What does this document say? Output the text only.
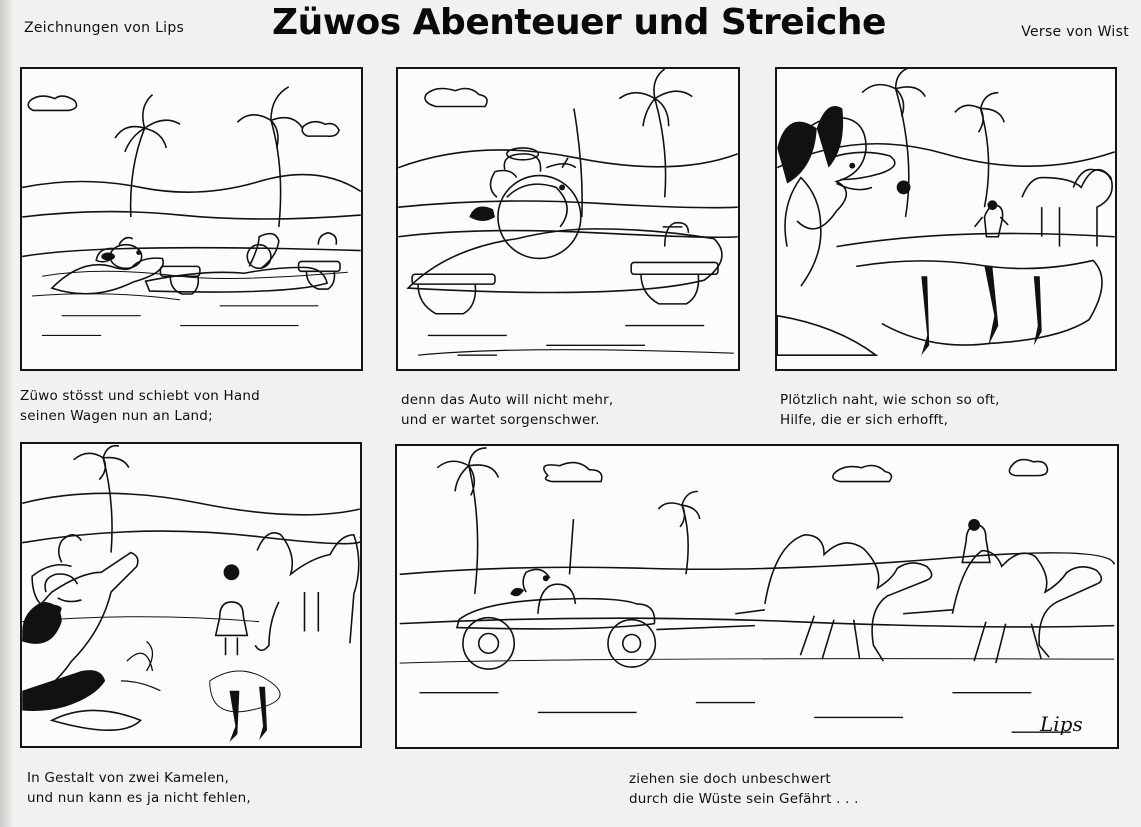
Zeichnungen von Lips Züwos Abenteuer und Streiche	Verse von Wist
Züwo stösst und schiebt von Hand
seinen Wagen nun an Land;
denn das Auto will nicht mehr,
und er wartet sorgenschwer.
Plötzlich naht, wie schon so oft,
Hilfe, die er sich erhofft,
In Gestalt von zwei Kamelen,
und nun kann es ja nicht fehlen,
ziehen sie doch unbeschwert
durch die Wüste sein Gefährt . . .
Lips
